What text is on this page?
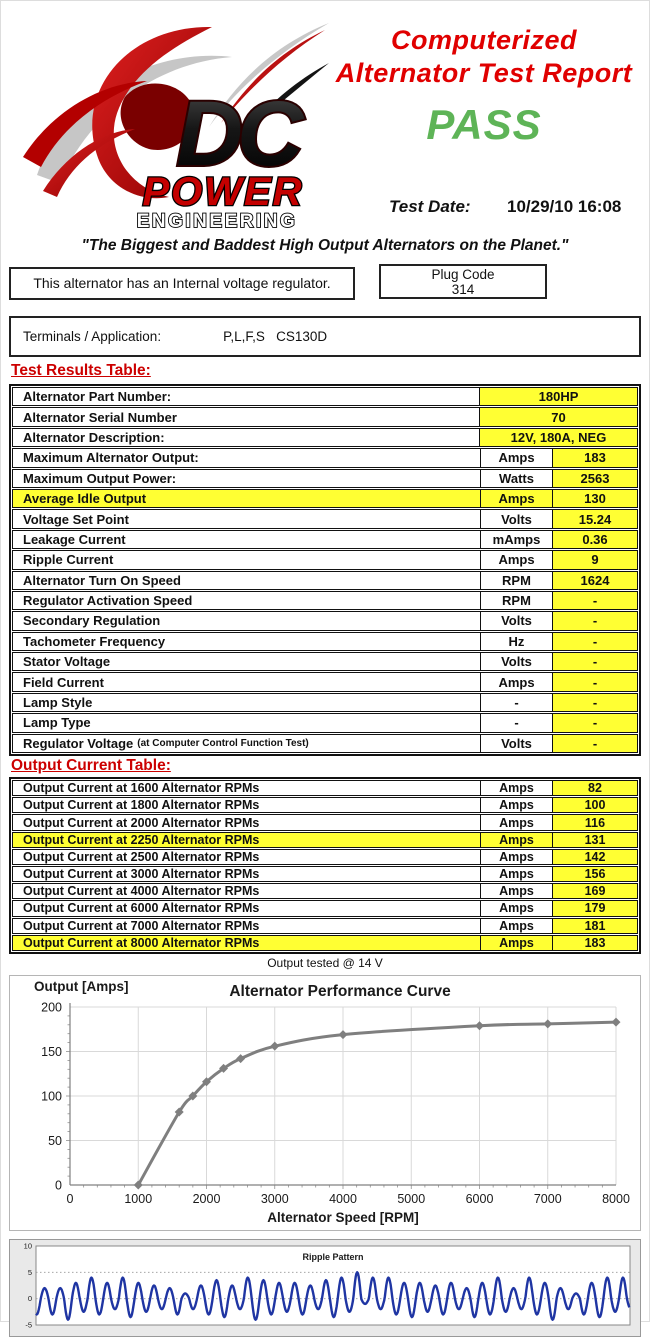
DC
POWER
ENGINEERING
Computerized
Alternator Test Report
PASS
Test Date: 10/29/10 16:08
"The Biggest and Baddest High Output Alternators on the Planet."
This alternator has an Internal voltage regulator.
Plug Code
314
Terminals / Application:	P,L,F,S   CS130D
Test Results Table:
Alternator Part Number:	180HP
Alternator Serial Number	70
Alternator Description:	12V, 180A, NEG
Maximum Alternator Output:	Amps	183
Maximum Output Power:	Watts	2563
Average Idle Output	Amps	130
Voltage Set Point	Volts	15.24
Leakage Current	mAmps	0.36
Ripple Current	Amps	9
Alternator Turn On Speed	RPM	1624
Regulator Activation Speed	RPM	-
Secondary Regulation	Volts	-
Tachometer Frequency	Hz	-
Stator Voltage	Volts	-
Field Current	Amps	-
Lamp Style	-	-
Lamp Type	-	-
Regulator Voltage (at Computer Control Function Test)	Volts	-
Output Current Table:
Output Current at 1600 Alternator RPMs	Amps	82
Output Current at 1800 Alternator RPMs	Amps	100
Output Current at 2000 Alternator RPMs	Amps	116
Output Current at 2250 Alternator RPMs	Amps	131
Output Current at 2500 Alternator RPMs	Amps	142
Output Current at 3000 Alternator RPMs	Amps	156
Output Current at 4000 Alternator RPMs	Amps	169
Output Current at 6000 Alternator RPMs	Amps	179
Output Current at 7000 Alternator RPMs	Amps	181
Output Current at 8000 Alternator RPMs	Amps	183
Output tested @ 14 V
0	1000	2000	3000	4000	5000	6000	7000	8000
0
50
100
150
200
Alternator Performance Curve
Output [Amps]
Alternator Speed [RPM]
10
5
0
-5
Ripple Pattern
